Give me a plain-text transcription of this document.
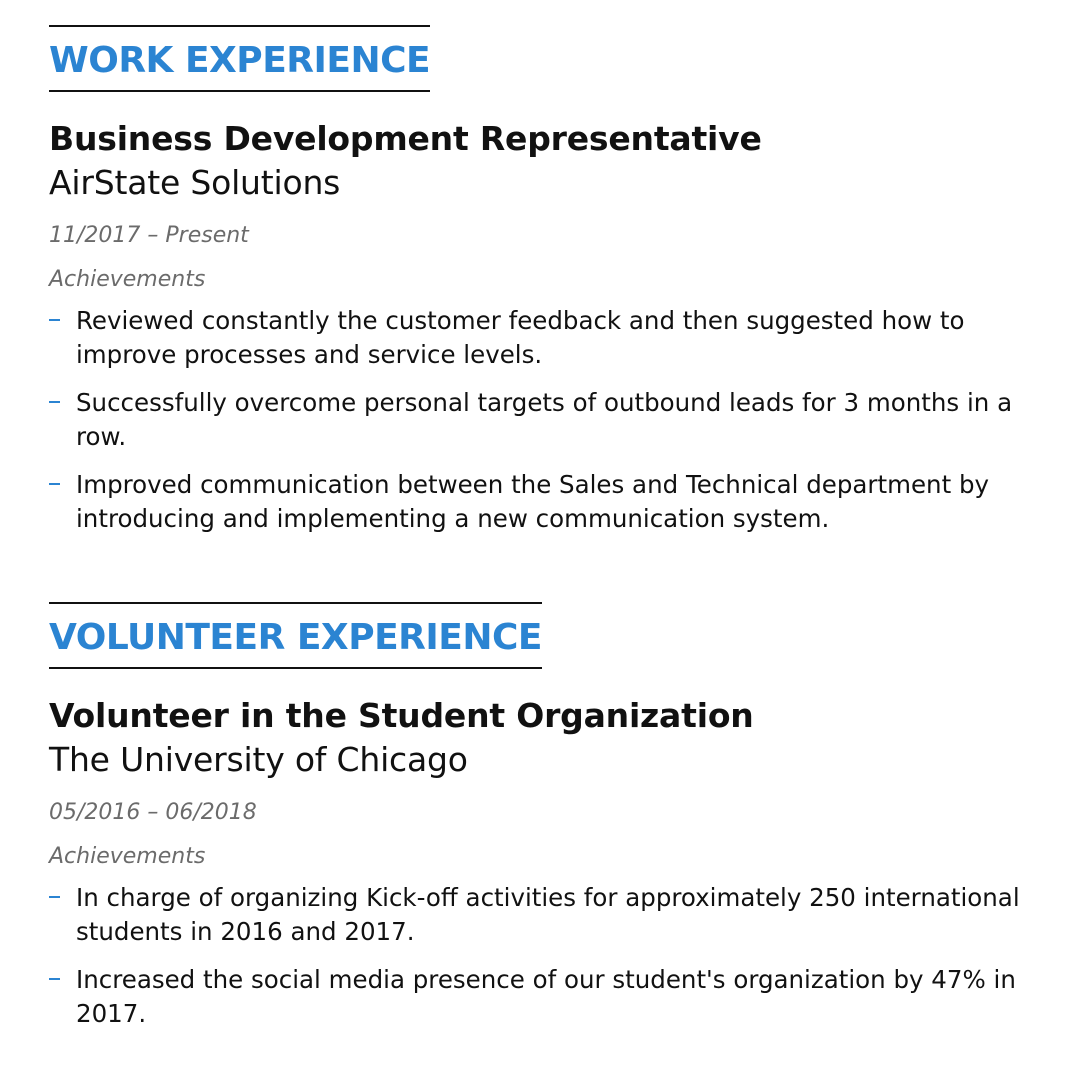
WORK EXPERIENCE
Business Development Representative
AirState Solutions
11/2017 – Present
Achievements
Reviewed constantly the customer feedback and then suggested how to improve processes and service levels.
Successfully overcome personal targets of outbound leads for 3 months in a row.
Improved communication between the Sales and Technical department by introducing and implementing a new communication system.
VOLUNTEER EXPERIENCE
Volunteer in the Student Organization
The University of Chicago
05/2016 – 06/2018
Achievements
In charge of organizing Kick-off activities for approximately 250 international students in 2016 and 2017.
Increased the social media presence of our student's organization by 47% in 2017.
